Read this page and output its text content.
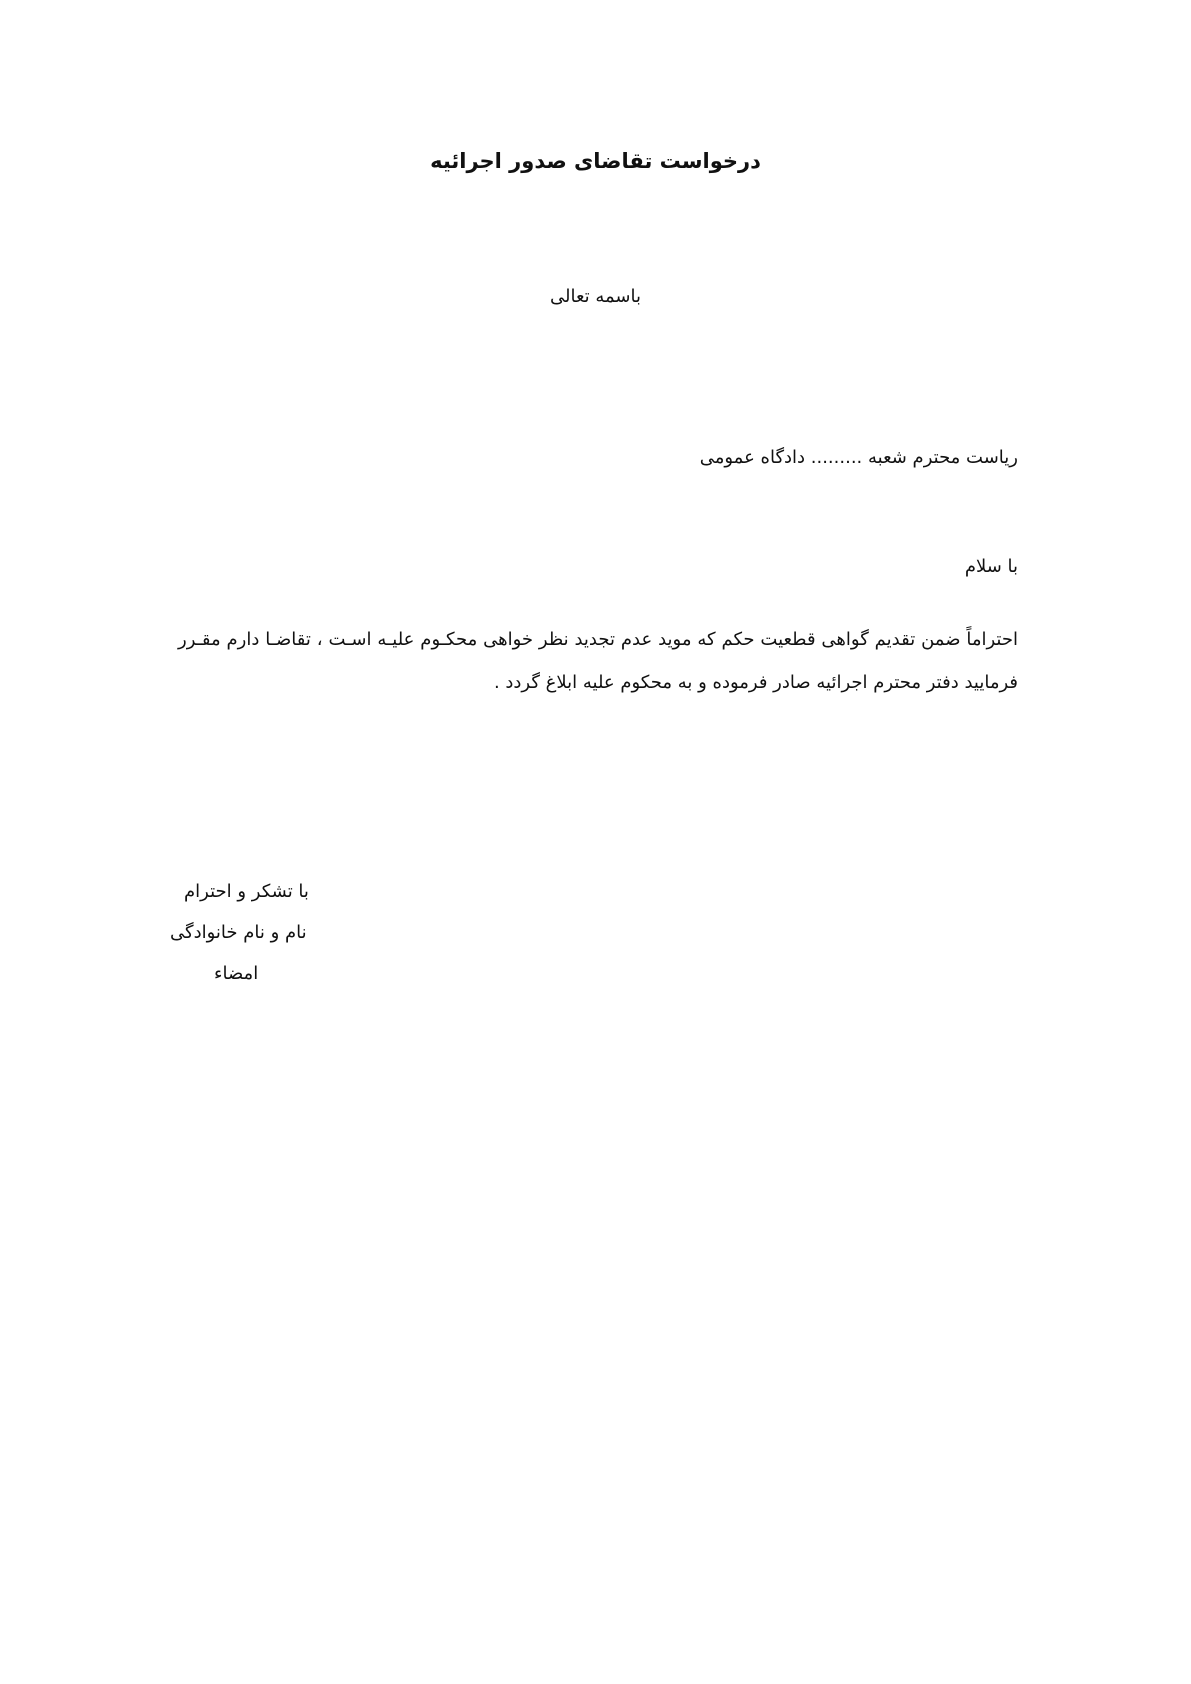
درخواست تقاضای صدور اجرائیه
باسمه تعالی
ریاست محترم شعبه ......... دادگاه عمومی
با سلام
احتراماً ضمن تقدیم گواهی قطعیت حکم که موید عدم تجدید نظر خواهی محکـوم علیـه اسـت ، تقاضـا دارم مقـرر فرمایید دفتر محترم اجرائیه صادر فرموده و به محکوم علیه ابلاغ گردد .
با تشکر و احترام
نام و نام خانوادگی
امضاء
